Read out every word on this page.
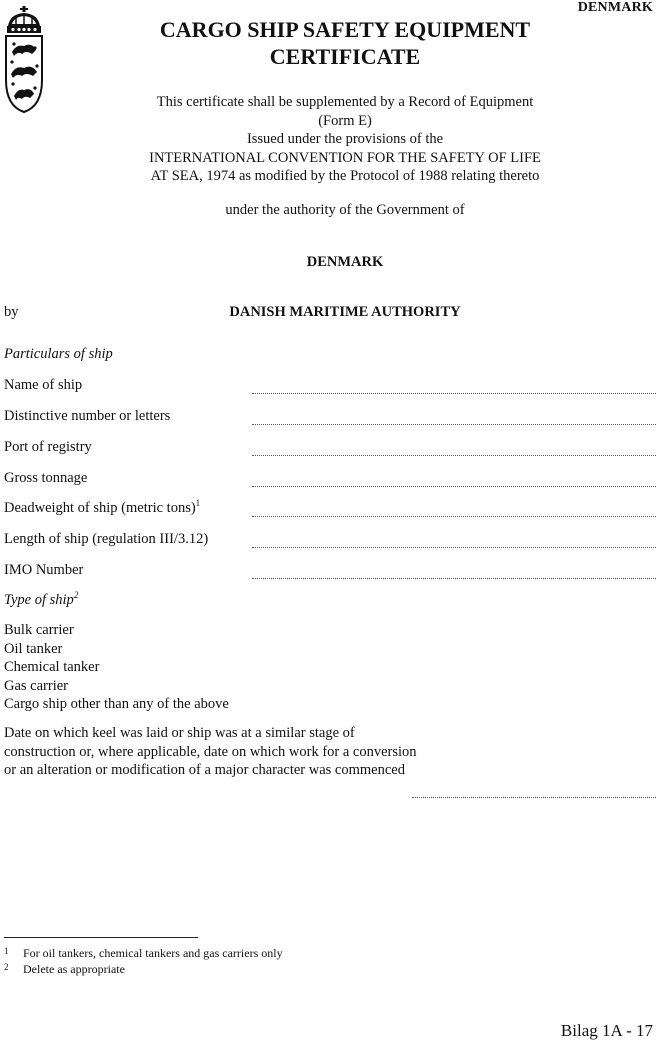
DENMARK
CARGO SHIP SAFETY EQUIPMENT
CERTIFICATE
This certificate shall be supplemented by a Record of Equipment
(Form E)
Issued under the provisions of the
INTERNATIONAL CONVENTION FOR THE SAFETY OF LIFE
AT SEA, 1974 as modified by the Protocol of 1988 relating thereto
under the authority of the Government of
DENMARK
by	DANISH MARITIME AUTHORITY
Particulars of ship
Name of ship
Distinctive number or letters
Port of registry
Gross tonnage
Deadweight of ship (metric tons)$^1$
Length of ship (regulation III/3.12)
IMO Number
Type of ship$^2$
Bulk carrier
Oil tanker
Chemical tanker
Gas carrier
Cargo ship other than any of the above
Date on which keel was laid or ship was at a similar stage of construction or, where applicable, date on which work for a conversion or an alteration or modification of a major character was commenced
1 For oil tankers, chemical tankers and gas carriers only
2 Delete as appropriate
Bilag 1A - 17
